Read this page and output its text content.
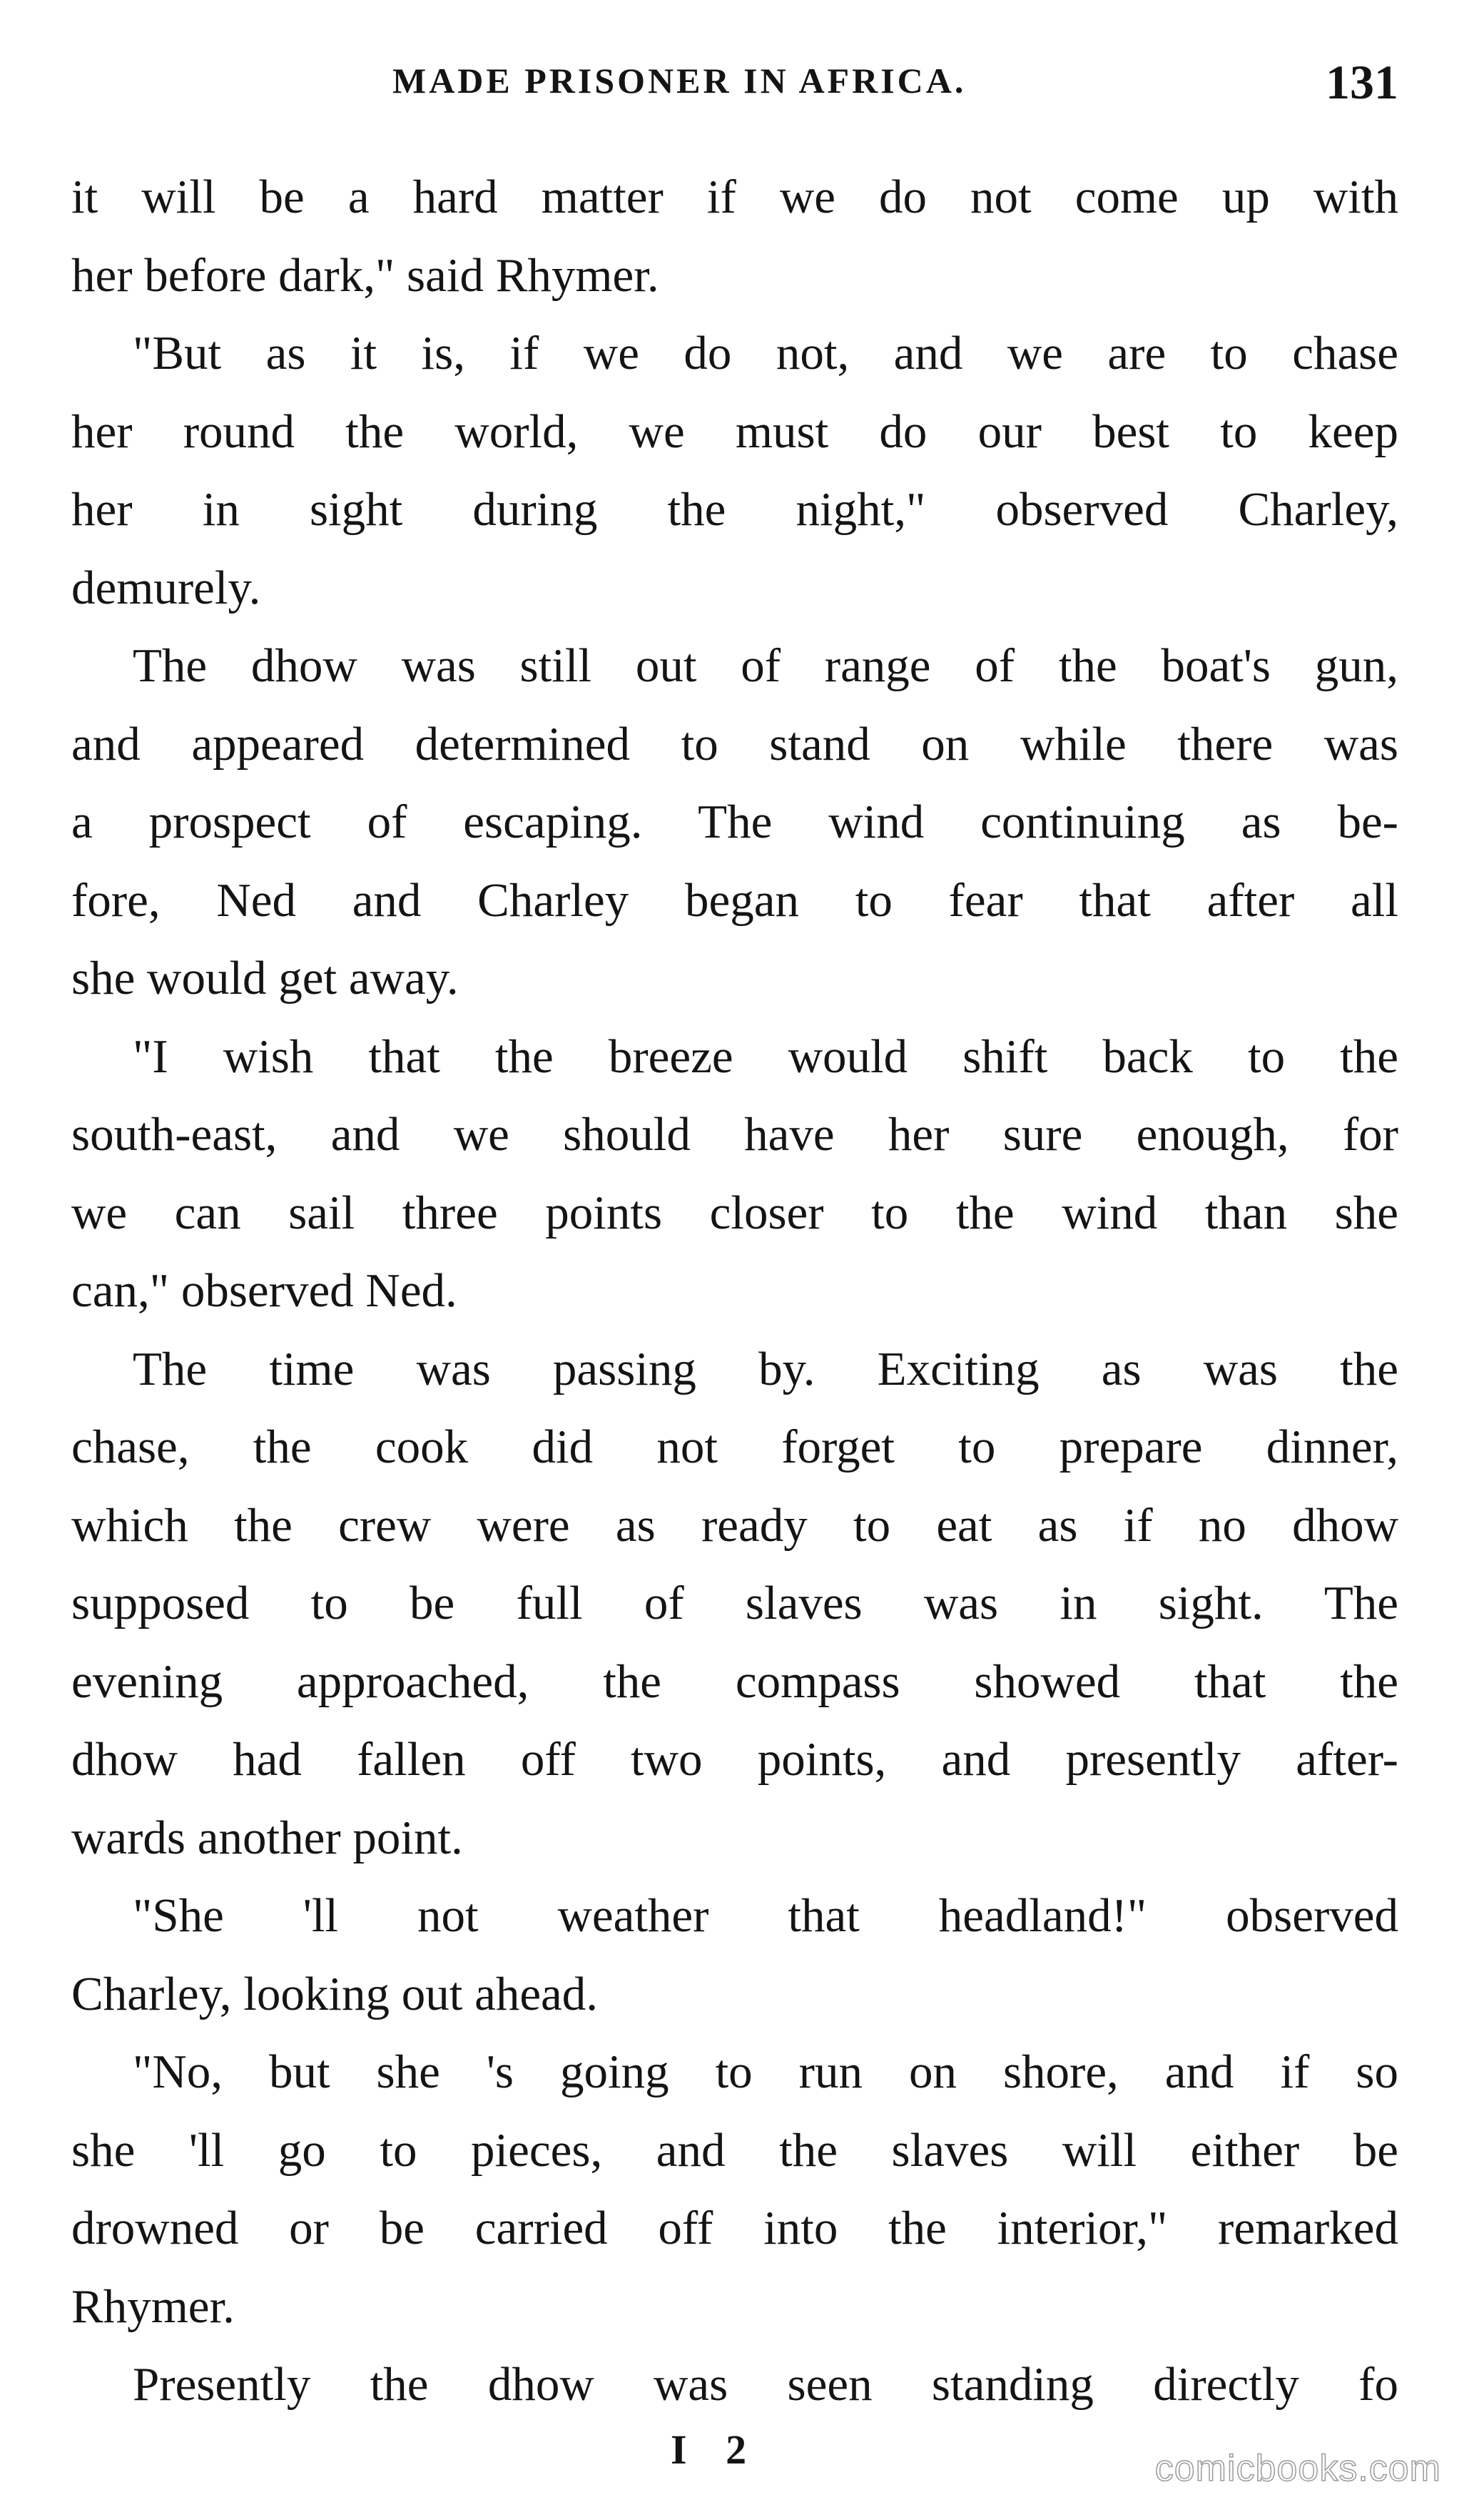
MADE PRISONER IN AFRICA.	131
it will be a hard matter if we do not come up with
her before dark," said Rhymer.
"But as it is, if we do not, and we are to chase
her round the world, we must do our best to keep
her in sight during the night," observed Charley,
demurely.
The dhow was still out of range of the boat's gun,
and appeared determined to stand on while there was
a prospect of escaping. The wind continuing as be-
fore, Ned and Charley began to fear that after all
she would get away.
"I wish that the breeze would shift back to the
south-east, and we should have her sure enough, for
we can sail three points closer to the wind than she
can," observed Ned.
The time was passing by. Exciting as was the
chase, the cook did not forget to prepare dinner,
which the crew were as ready to eat as if no dhow
supposed to be full of slaves was in sight. The
evening approached, the compass showed that the
dhow had fallen off two points, and presently after-
wards another point.
"She 'll not weather that headland!" observed
Charley, looking out ahead.
"No, but she 's going to run on shore, and if so
she 'll go to pieces, and the slaves will either be
drowned or be carried off into the interior," remarked
Rhymer.
Presently the dhow was seen standing directly fo
I 2	comicbooks.com
